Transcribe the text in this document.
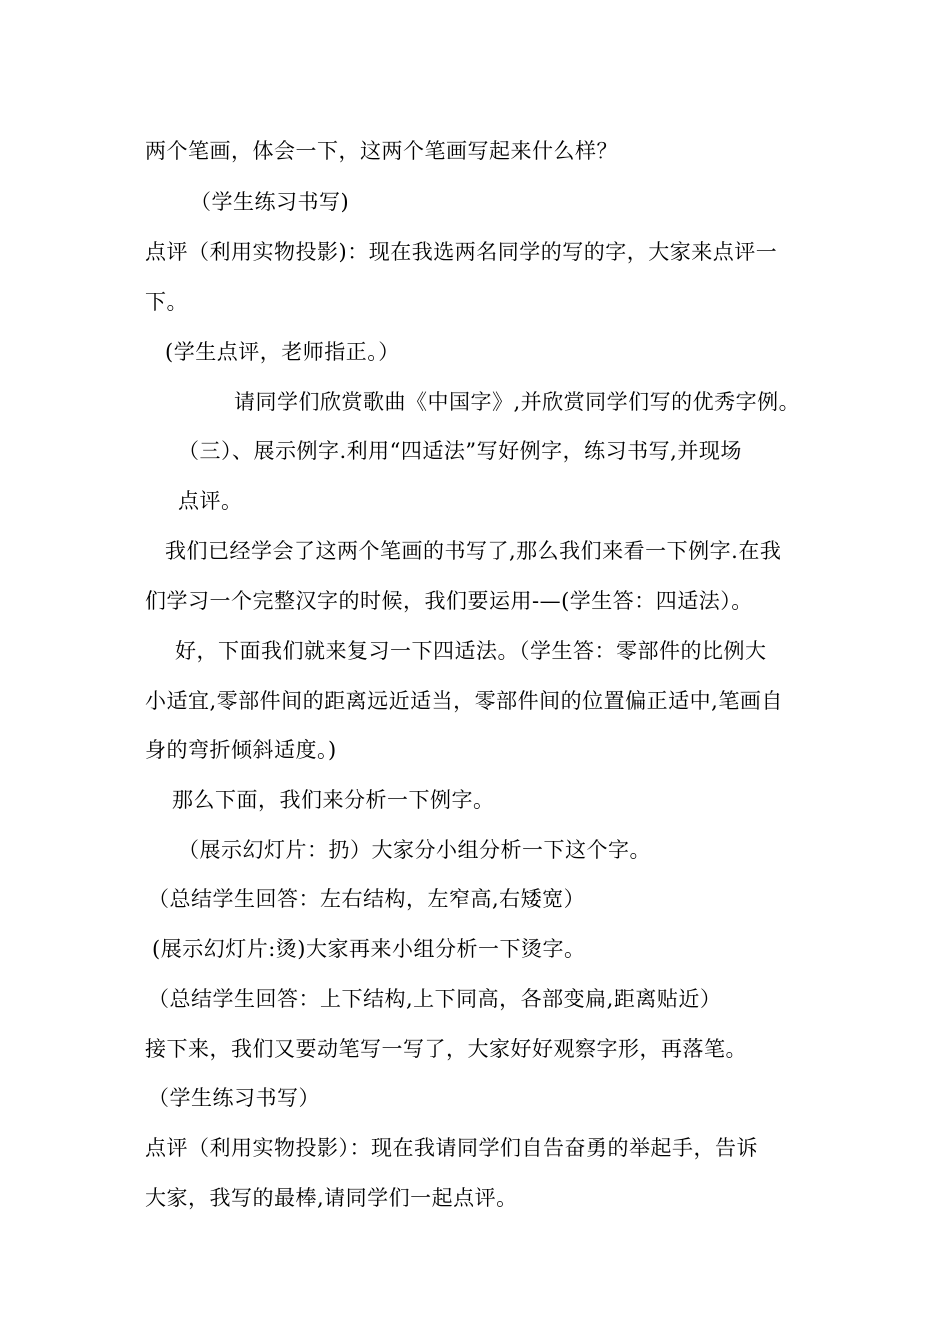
两个笔画，体会一下，这两个笔画写起来什么样？
（学生练习书写)
点评（利用实物投影)：现在我选两名同学的写的字，大家来点评一
下。
(学生点评，老师指正。）
请同学们欣赏歌曲《中国字》,并欣赏同学们写的优秀字例。
（三）、展示例字.利用“四适法”写好例字，练习书写,并现场
点评。
我们已经学会了这两个笔画的书写了,那么我们来看一下例字.在我
们学习一个完整汉字的时候，我们要运用-—(学生答：四适法）。
好，下面我们就来复习一下四适法。（学生答：零部件的比例大
小适宜,零部件间的距离远近适当，零部件间的位置偏正适中,笔画自
身的弯折倾斜适度。)
那么下面，我们来分析一下例字。
（展示幻灯片：扔）大家分小组分析一下这个字。
（总结学生回答：左右结构，左窄高,右矮宽）
(展示幻灯片:烫)大家再来小组分析一下烫字。
（总结学生回答：上下结构,上下同高，各部变扁,距离贴近）
接下来，我们又要动笔写一写了，大家好好观察字形，再落笔。
（学生练习书写）
点评（利用实物投影）：现在我请同学们自告奋勇的举起手，告诉
大家，我写的最棒,请同学们一起点评。
